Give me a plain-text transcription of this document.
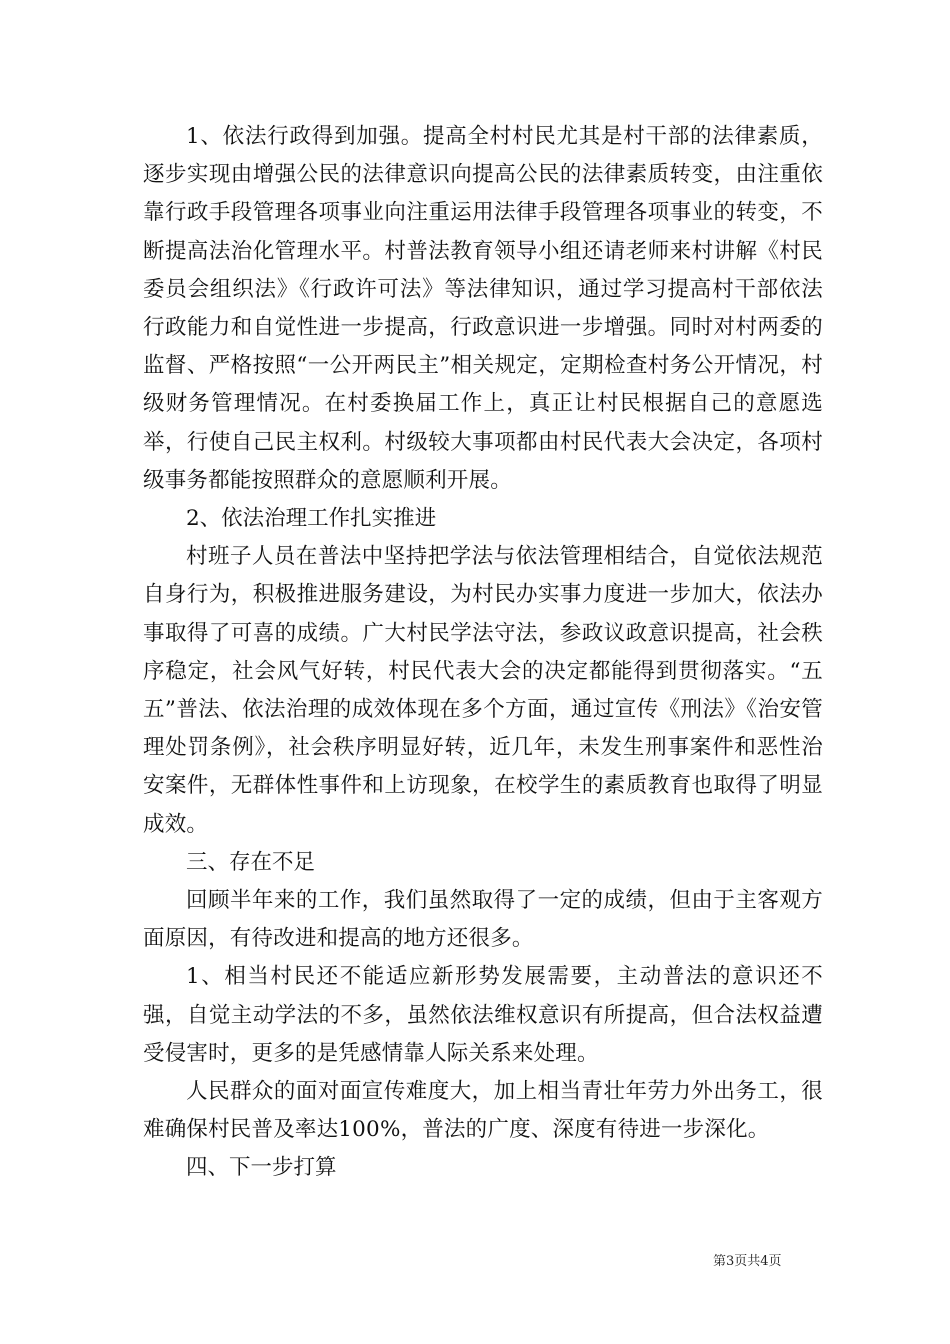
1、依法行政得到加强。提高全村村民尤其是村干部的法律素质，逐步实现由增强公民的法律意识向提高公民的法律素质转变，由注重依靠行政手段管理各项事业向注重运用法律手段管理各项事业的转变，不断提高法治化管理水平。村普法教育领导小组还请老师来村讲解《村民委员会组织法》《行政许可法》等法律知识，通过学习提高村干部依法行政能力和自觉性进一步提高，行政意识进一步增强。同时对村两委的监督、严格按照“一公开两民主”相关规定，定期检查村务公开情况，村级财务管理情况。在村委换届工作上，真正让村民根据自己的意愿选举，行使自己民主权利。村级较大事项都由村民代表大会决定，各项村级事务都能按照群众的意愿顺利开展。

2、依法治理工作扎实推进

村班子人员在普法中坚持把学法与依法管理相结合，自觉依法规范自身行为，积极推进服务建设，为村民办实事力度进一步加大，依法办事取得了可喜的成绩。广大村民学法守法，参政议政意识提高，社会秩序稳定，社会风气好转，村民代表大会的决定都能得到贯彻落实。“五五”普法、依法治理的成效体现在多个方面，通过宣传《刑法》《治安管理处罚条例》，社会秩序明显好转，近几年，未发生刑事案件和恶性治安案件，无群体性事件和上访现象，在校学生的素质教育也取得了明显成效。

三、存在不足

回顾半年来的工作，我们虽然取得了一定的成绩，但由于主客观方面原因，有待改进和提高的地方还很多。

1、相当村民还不能适应新形势发展需要，主动普法的意识还不强，自觉主动学法的不多，虽然依法维权意识有所提高，但合法权益遭受侵害时，更多的是凭感情靠人际关系来处理。

人民群众的面对面宣传难度大，加上相当青壮年劳力外出务工，很难确保村民普及率达100%，普法的广度、深度有待进一步深化。

四、下一步打算

第3页共4页
